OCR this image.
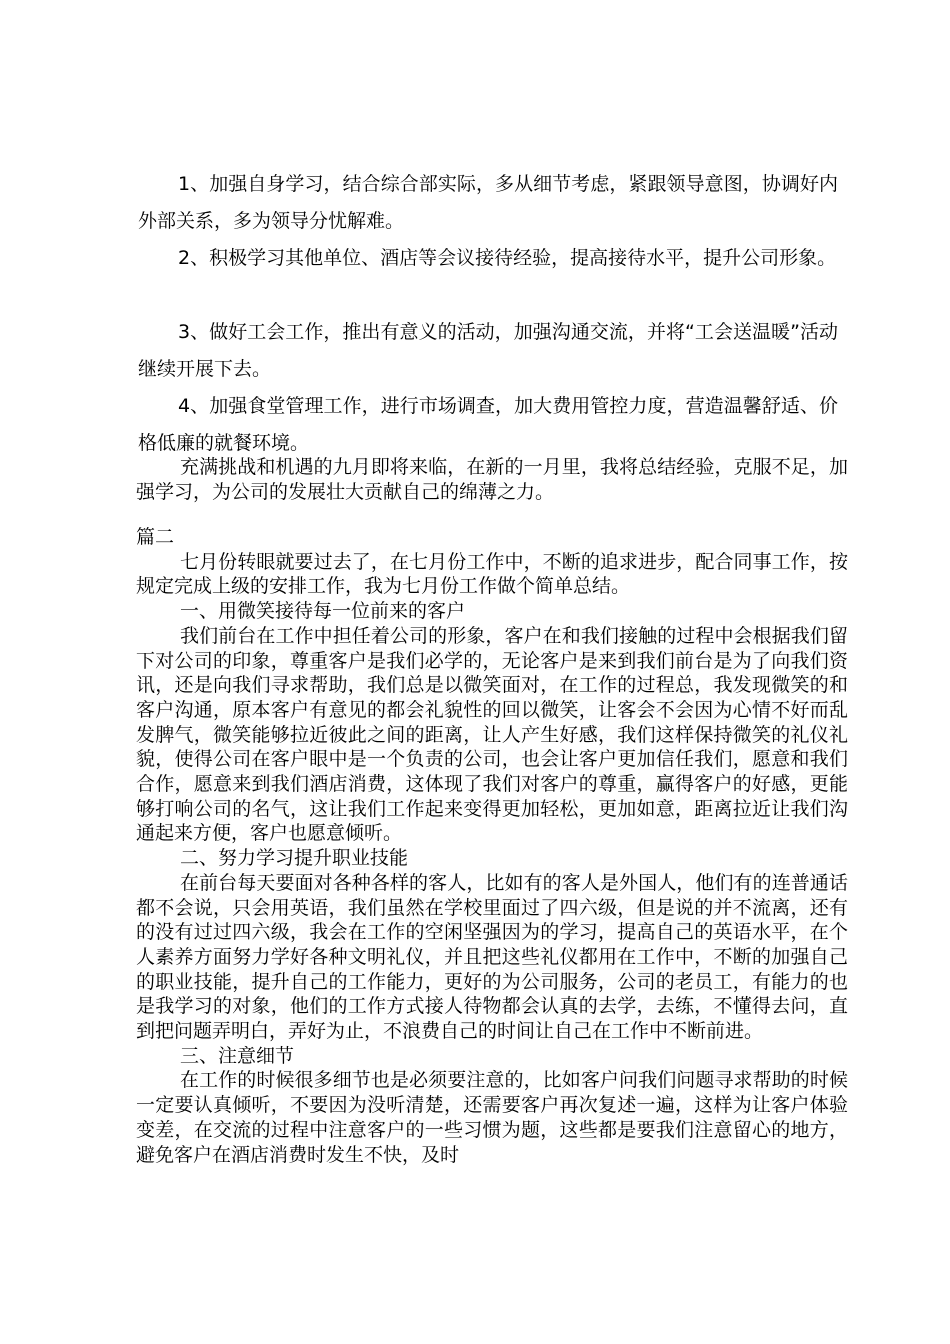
1、加强自身学习，结合综合部实际，多从细节考虑，紧跟领导意图，协调好内外部关系，多为领导分忧解难。

2、积极学习其他单位、酒店等会议接待经验，提高接待水平，提升公司形象。

3、做好工会工作，推出有意义的活动，加强沟通交流，并将“工会送温暖”活动继续开展下去。

4、加强食堂管理工作，进行市场调查，加大费用管控力度，营造温馨舒适、价格低廉的就餐环境。

充满挑战和机遇的九月即将来临，在新的一月里，我将总结经验，克服不足，加强学习，为公司的发展壮大贡献自己的绵薄之力。

篇二

七月份转眼就要过去了，在七月份工作中，不断的追求进步，配合同事工作，按规定完成上级的安排工作，我为七月份工作做个简单总结。

一、用微笑接待每一位前来的客户

我们前台在工作中担任着公司的形象，客户在和我们接触的过程中会根据我们留下对公司的印象，尊重客户是我们必学的，无论客户是来到我们前台是为了向我们资讯，还是向我们寻求帮助，我们总是以微笑面对，在工作的过程总，我发现微笑的和客户沟通，原本客户有意见的都会礼貌性的回以微笑，让客会不会因为心情不好而乱发脾气，微笑能够拉近彼此之间的距离，让人产生好感，我们这样保持微笑的礼仪礼貌，使得公司在客户眼中是一个负责的公司，也会让客户更加信任我们，愿意和我们合作，愿意来到我们酒店消费，这体现了我们对客户的尊重，赢得客户的好感，更能够打响公司的名气，这让我们工作起来变得更加轻松，更加如意，距离拉近让我们沟通起来方便，客户也愿意倾听。

二、努力学习提升职业技能

在前台每天要面对各种各样的客人，比如有的客人是外国人，他们有的连普通话都不会说，只会用英语，我们虽然在学校里面过了四六级，但是说的并不流离，还有的没有过过四六级，我会在工作的空闲坚强因为的学习，提高自己的英语水平，在个人素养方面努力学好各种文明礼仪，并且把这些礼仪都用在工作中，不断的加强自己的职业技能，提升自己的工作能力，更好的为公司服务，公司的老员工，有能力的也是我学习的对象，他们的工作方式接人待物都会认真的去学，去练，不懂得去问，直到把问题弄明白，弄好为止，不浪费自己的时间让自己在工作中不断前进。

三、注意细节

在工作的时候很多细节也是必须要注意的，比如客户问我们问题寻求帮助的时候一定要认真倾听，不要因为没听清楚，还需要客户再次复述一遍，这样为让客户体验变差，在交流的过程中注意客户的一些习惯为题，这些都是要我们注意留心的地方，避免客户在酒店消费时发生不快，及时
